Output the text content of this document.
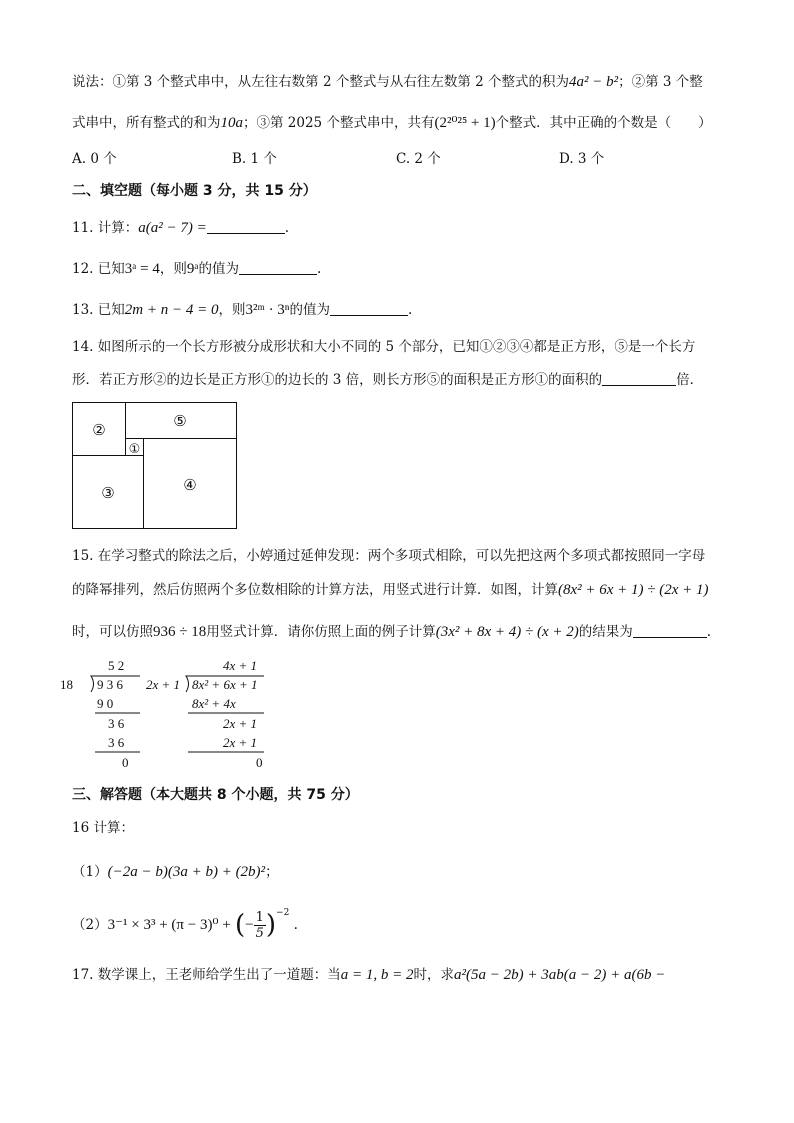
说法：①第 3 个整式串中，从左往右数第 2 个整式与从右往左数第 2 个整式的积为4a² − b²；②第 3 个整
式串中，所有整式的和为10a；③第 2025 个整式串中，共有(2²⁰²⁵ + 1)个整式．其中正确的个数是（　　）
A. 0 个	B. 1 个	C. 2 个	D. 3 个
二、填空题（每小题 3 分，共 15 分）
11. 计算：a(a² − 7) =	.
12. 已知3ᵃ = 4，则9ᵃ的值为	.
13. 已知2m + n − 4 = 0，则3²ᵐ · 3ⁿ的值为	.
14. 如图所示的一个长方形被分成形状和大小不同的 5 个部分，已知①②③④都是正方形，⑤是一个长方
形．若正方形②的边长是正方形①的边长的 3 倍，则长方形⑤的面积是正方形①的面积的	倍．
②	⑤
①
③	④
15. 在学习整式的除法之后，小婷通过延伸发现：两个多项式相除，可以先把这两个多项式都按照同一字母
的降幂排列，然后仿照两个多位数相除的计算方法，用竖式进行计算．如图，计算(8x² + 6x + 1) ÷ (2x + 1)
时，可以仿照936 ÷ 18用竖式计算．请你仿照上面的例子计算(3x² + 8x + 4) ÷ (x + 2)的结果为	.
5 2
18 9 3 6
9 0
3 6
3 6
0
4x + 1
2x + 1 8x² + 6x + 1
8x² + 4x
2x + 1
2x + 1
0
三、解答题（本大题共 8 个小题，共 75 分）
16 计算：
（1）(−2a − b)(3a + b) + (2b)²；
（2）3⁻¹ × 3³ + (π − 3)⁰ + (− $\frac{1}{5} )^{-2}$ .
17. 数学课上，王老师给学生出了一道题：当a = 1, b = 2时，求a²(5a − 2b) + 3ab(a − 2) + a(6b −
